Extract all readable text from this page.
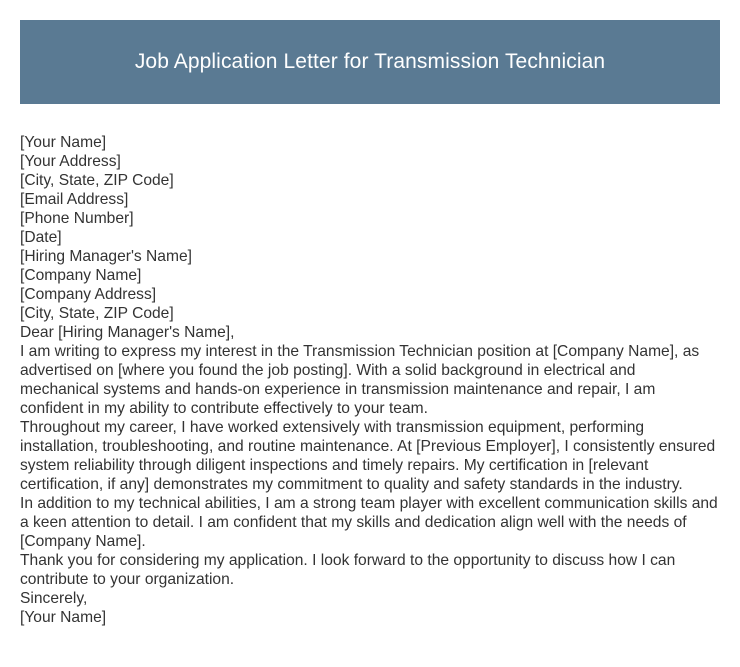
Job Application Letter for Transmission Technician
[Your Name]
[Your Address]
[City, State, ZIP Code]
[Email Address]
[Phone Number]
[Date]
[Hiring Manager's Name]
[Company Name]
[Company Address]
[City, State, ZIP Code]
Dear [Hiring Manager's Name],
I am writing to express my interest in the Transmission Technician position at [Company Name], as advertised on [where you found the job posting]. With a solid background in electrical and mechanical systems and hands-on experience in transmission maintenance and repair, I am confident in my ability to contribute effectively to your team.
Throughout my career, I have worked extensively with transmission equipment, performing installation, troubleshooting, and routine maintenance. At [Previous Employer], I consistently ensured system reliability through diligent inspections and timely repairs. My certification in [relevant certification, if any] demonstrates my commitment to quality and safety standards in the industry.
In addition to my technical abilities, I am a strong team player with excellent communication skills and a keen attention to detail. I am confident that my skills and dedication align well with the needs of [Company Name].
Thank you for considering my application. I look forward to the opportunity to discuss how I can contribute to your organization.
Sincerely,
[Your Name]
